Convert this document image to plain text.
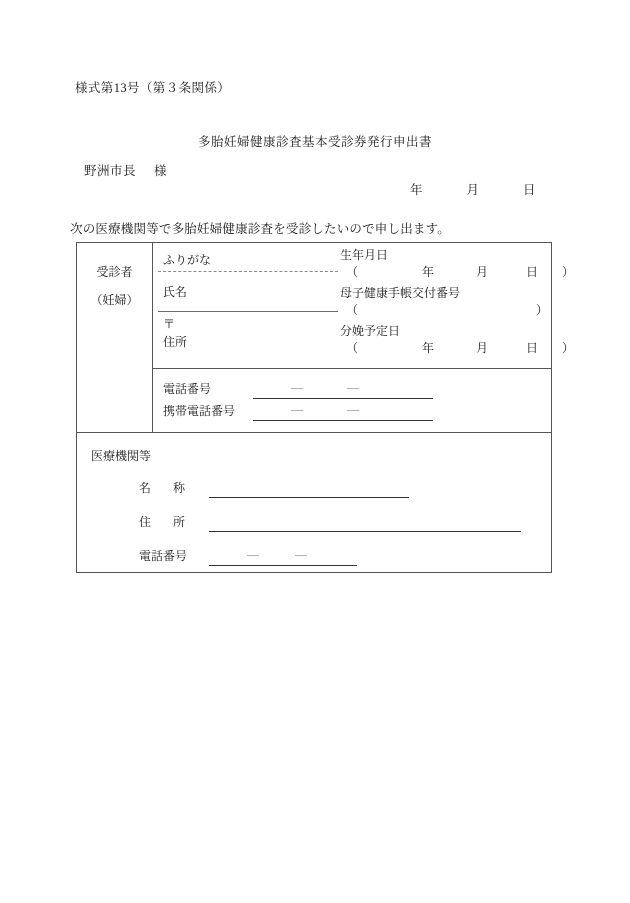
様式第13号（第３条関係）
多胎妊婦健康診査基本受診券発行申出書
野洲市長 様
年	月	日
次の医療機関等で多胎妊婦健康診査を受診したいので申し出ます。
受診者
（妊婦）
ふりがな
氏名
〒
住所
生年月日
（	年	月	日 ）
母子健康手帳交付番号
（	）
分娩予定日
（	年	月	日 ）
電話番号	—	—
携帯電話番号	—	—
医療機関等
名 称
住 所
電話番号	—	—
